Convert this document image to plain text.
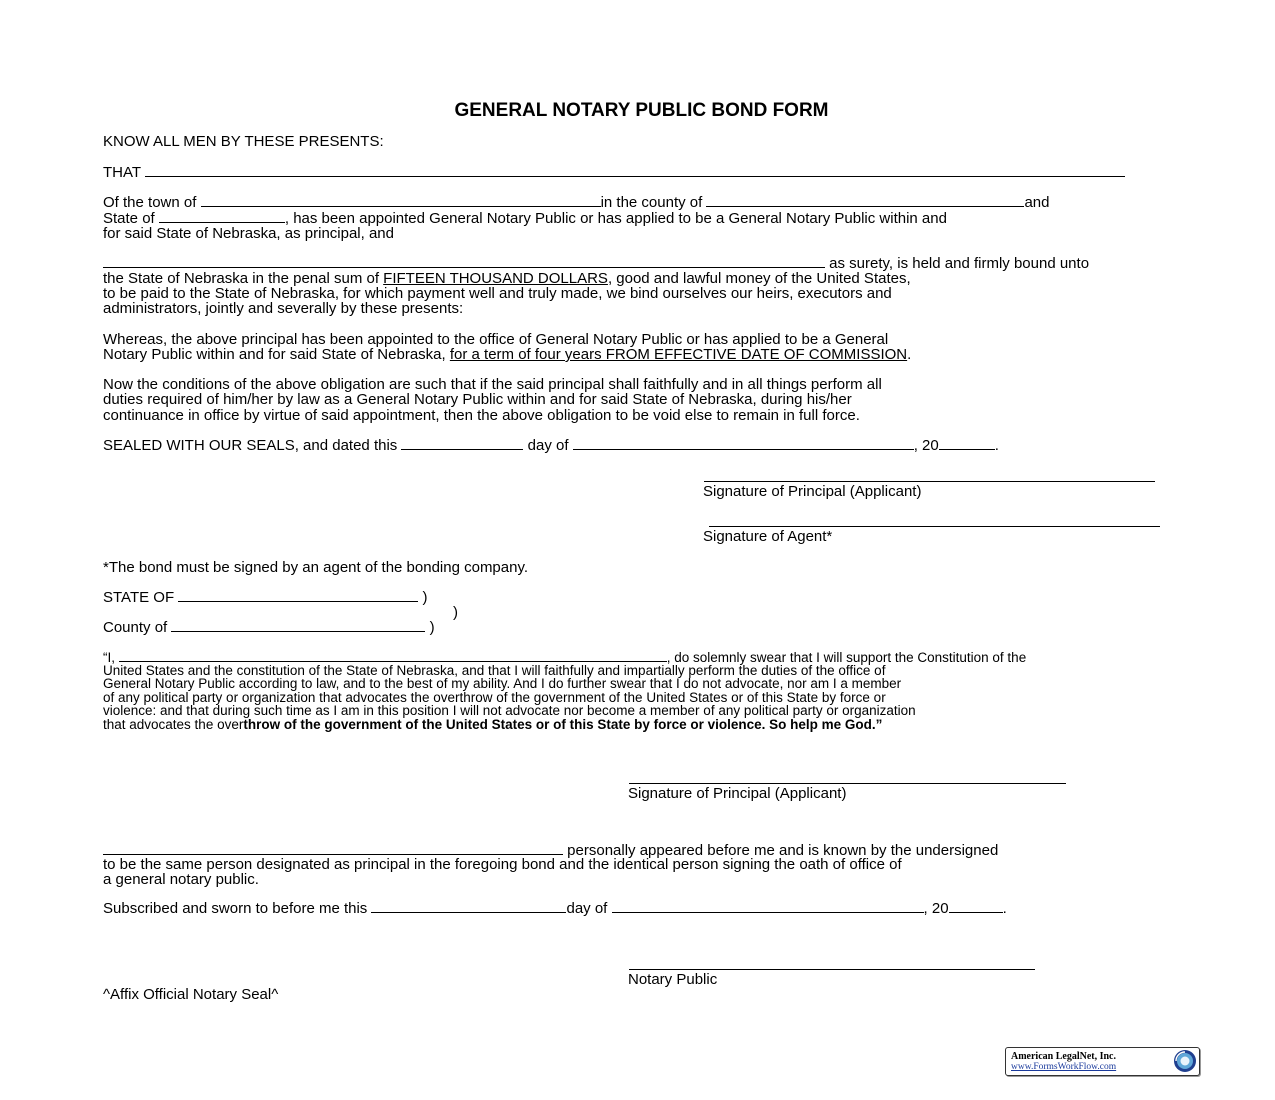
GENERAL NOTARY PUBLIC BOND FORM
KNOW ALL MEN BY THESE PRESENTS:
THAT
Of the town of	in the county of	and
State of	, has been appointed General Notary Public or has applied to be a General Notary Public within and
for said State of Nebraska, as principal, and
as surety, is held and firmly bound unto
the State of Nebraska in the penal sum of FIFTEEN THOUSAND DOLLARS, good and lawful money of the United States,
to be paid to the State of Nebraska, for which payment well and truly made, we bind ourselves our heirs, executors and
administrators, jointly and severally by these presents:
Whereas, the above principal has been appointed to the office of General Notary Public or has applied to be a General
Notary Public within and for said State of Nebraska, for a term of four years FROM EFFECTIVE DATE OF COMMISSION.
Now the conditions of the above obligation are such that if the said principal shall faithfully and in all things perform all
duties required of him/her by law as a General Notary Public within and for said State of Nebraska, during his/her
continuance in office by virtue of said appointment, then the above obligation to be void else to remain in full force.
SEALED WITH OUR SEALS, and dated this	day of	, 20	.
Signature of Principal (Applicant)
Signature of Agent*
*The bond must be signed by an agent of the bonding company.
STATE OF	)
)
County of	)
“I,	, do solemnly swear that I will support the Constitution of the
United States and the constitution of the State of Nebraska, and that I will faithfully and impartially perform the duties of the office of
General Notary Public according to law, and to the best of my ability. And I do further swear that I do not advocate, nor am I a member
of any political party or organization that advocates the overthrow of the government of the United States or of this State by force or
violence: and that during such time as I am in this position I will not advocate nor become a member of any political party or organization
that advocates the overthrow of the government of the United States or of this State by force or violence. So help me God.”
Signature of Principal (Applicant)
personally appeared before me and is known by the undersigned
to be the same person designated as principal in the foregoing bond and the identical person signing the oath of office of
a general notary public.
Subscribed and sworn to before me this	day of	, 20	.
Notary Public
^Affix Official Notary Seal^
American LegalNet, Inc.
www.FormsWorkFlow.com
